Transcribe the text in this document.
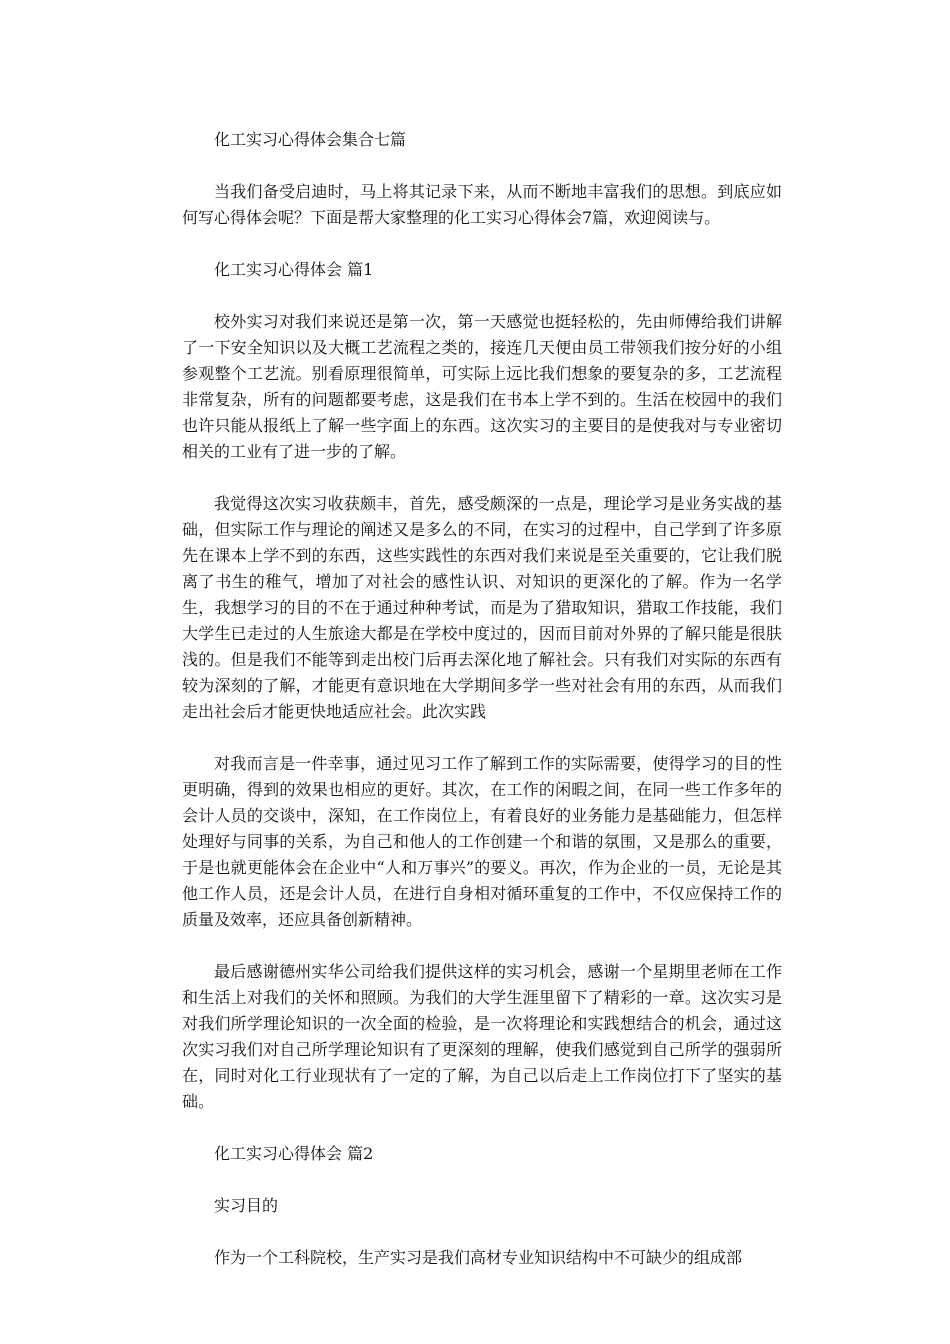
化工实习心得体会集合七篇

当我们备受启迪时，马上将其记录下来，从而不断地丰富我们的思想。到底应如何写心得体会呢？下面是帮大家整理的化工实习心得体会7篇，欢迎阅读与。

化工实习心得体会 篇1

校外实习对我们来说还是第一次，第一天感觉也挺轻松的，先由师傅给我们讲解了一下安全知识以及大概工艺流程之类的，接连几天便由员工带领我们按分好的小组参观整个工艺流。别看原理很简单，可实际上远比我们想象的要复杂的多，工艺流程非常复杂，所有的问题都要考虑，这是我们在书本上学不到的。生活在校园中的我们也许只能从报纸上了解一些字面上的东西。这次实习的主要目的是使我对与专业密切相关的工业有了进一步的了解。

我觉得这次实习收获颇丰，首先，感受颇深的一点是，理论学习是业务实战的基础，但实际工作与理论的阐述又是多么的不同，在实习的过程中，自己学到了许多原先在课本上学不到的东西，这些实践性的东西对我们来说是至关重要的，它让我们脱离了书生的稚气，增加了对社会的感性认识、对知识的更深化的了解。作为一名学生，我想学习的目的不在于通过种种考试，而是为了猎取知识，猎取工作技能，我们大学生已走过的人生旅途大都是在学校中度过的，因而目前对外界的了解只能是很肤浅的。但是我们不能等到走出校门后再去深化地了解社会。只有我们对实际的东西有较为深刻的了解，才能更有意识地在大学期间多学一些对社会有用的东西，从而我们走出社会后才能更快地适应社会。此次实践

对我而言是一件幸事，通过见习工作了解到工作的实际需要，使得学习的目的性更明确，得到的效果也相应的更好。其次，在工作的闲暇之间，在同一些工作多年的会计人员的交谈中，深知，在工作岗位上，有着良好的业务能力是基础能力，但怎样处理好与同事的关系，为自己和他人的工作创建一个和谐的氛围，又是那么的重要，于是也就更能体会在企业中“人和万事兴”的要义。再次，作为企业的一员，无论是其他工作人员，还是会计人员，在进行自身相对循环重复的工作中，不仅应保持工作的质量及效率，还应具备创新精神。

最后感谢德州实华公司给我们提供这样的实习机会，感谢一个星期里老师在工作和生活上对我们的关怀和照顾。为我们的大学生涯里留下了精彩的一章。这次实习是对我们所学理论知识的一次全面的检验，是一次将理论和实践想结合的机会，通过这次实习我们对自己所学理论知识有了更深刻的理解，使我们感觉到自己所学的强弱所在，同时对化工行业现状有了一定的了解，为自己以后走上工作岗位打下了坚实的基础。

化工实习心得体会 篇2

实习目的

作为一个工科院校，生产实习是我们高材专业知识结构中不可缺少的组成部
